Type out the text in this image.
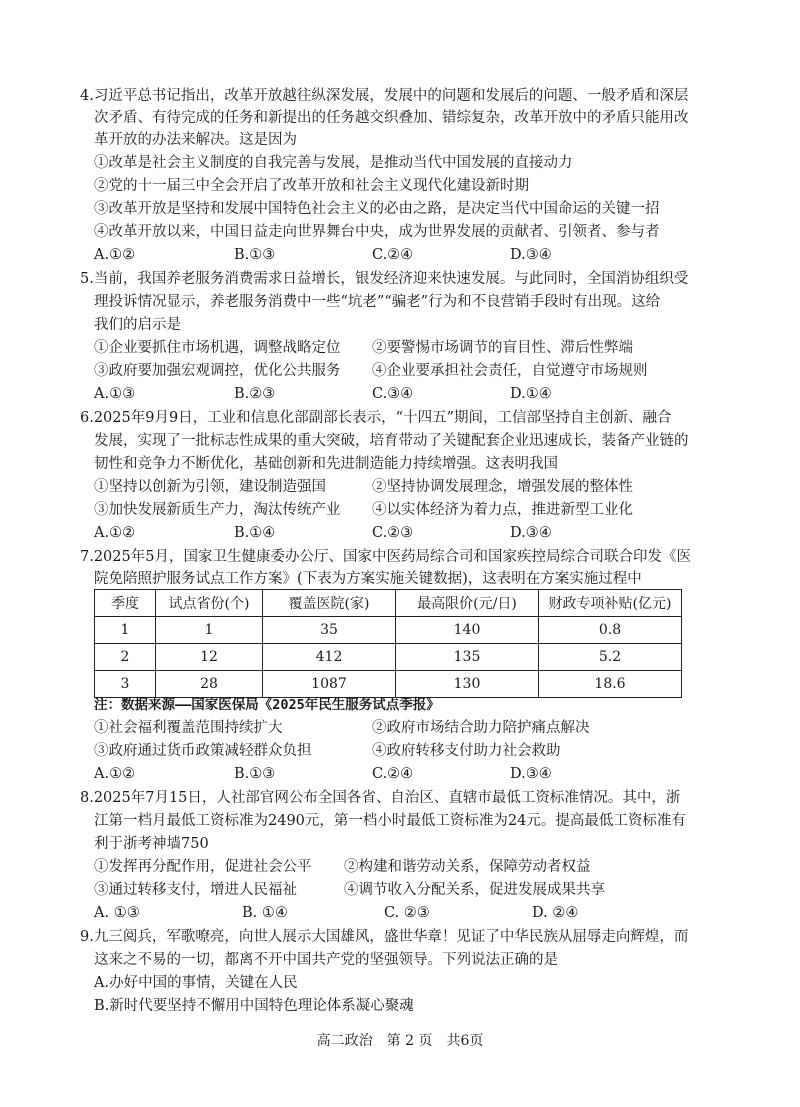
4.习近平总书记指出，改革开放越往纵深发展，发展中的问题和发展后的问题、一般矛盾和深层
次矛盾、有待完成的任务和新提出的任务越交织叠加、错综复杂，改革开放中的矛盾只能用改
革开放的办法来解决。这是因为
①改革是社会主义制度的自我完善与发展，是推动当代中国发展的直接动力
②党的十一届三中全会开启了改革开放和社会主义现代化建设新时期
③改革开放是坚持和发展中国特色社会主义的必由之路，是决定当代中国命运的关键一招
④改革开放以来，中国日益走向世界舞台中央，成为世界发展的贡献者、引领者、参与者
A.①②	B.①③	C.②④	D.③④
5.当前，我国养老服务消费需求日益增长，银发经济迎来快速发展。与此同时，全国消协组织受
理投诉情况显示，养老服务消费中一些“坑老”“骗老”行为和不良营销手段时有出现。这给
我们的启示是
①企业要抓住市场机遇，调整战略定位 ②要警惕市场调节的盲目性、滞后性弊端
③政府要加强宏观调控，优化公共服务 ④企业要承担社会责任，自觉遵守市场规则
A.①③	B.②③	C.③④	D.①④
6.2025年9月9日，工业和信息化部副部长表示，“十四五”期间，工信部坚持自主创新、融合
发展，实现了一批标志性成果的重大突破，培育带动了关键配套企业迅速成长，装备产业链的
韧性和竞争力不断优化，基础创新和先进制造能力持续增强。这表明我国
①坚持以创新为引领，建设制造强国	②坚持协调发展理念，增强发展的整体性
③加快发展新质生产力，淘汰传统产业 ④以实体经济为着力点，推进新型工业化
A.①②	B.①④	C.②③	D.③④
7.2025年5月，国家卫生健康委办公厅、国家中医药局综合司和国家疾控局综合司联合印发《医
院免陪照护服务试点工作方案》(下表为方案实施关键数据)，这表明在方案实施过程中
季度	试点省份(个)	覆盖医院(家)	最高限价(元/日)	财政专项补贴(亿元)
1	1	35	140	0.8
2	12	412	135	5.2
3	28	1087	130	18.6
注：数据来源——国家医保局《2025年民生服务试点季报》
①社会福利覆盖范围持续扩大	②政府市场结合助力陪护痛点解决
③政府通过货币政策减轻群众负担	④政府转移支付助力社会救助
A.①②	B.①③	C.②④	D.③④
8.2025年7月15日，人社部官网公布全国各省、自治区、直辖市最低工资标准情况。其中，浙
江第一档月最低工资标准为2490元，第一档小时最低工资标准为24元。提高最低工资标准有
利于浙考神墙750
①发挥再分配作用，促进社会公平 ②构建和谐劳动关系，保障劳动者权益
③通过转移支付，增进人民福祉	④调节收入分配关系，促进发展成果共享
A. ①③	B. ①④	C. ②③	D. ②④
9.九三阅兵，军歌嘹亮，向世人展示大国雄风，盛世华章！见证了中华民族从屈辱走向辉煌，而
这来之不易的一切，都离不开中国共产党的坚强领导。下列说法正确的是
A.办好中国的事情，关键在人民
B.新时代要坚持不懈用中国特色理论体系凝心聚魂
高二政治　第 2 页　共6页
